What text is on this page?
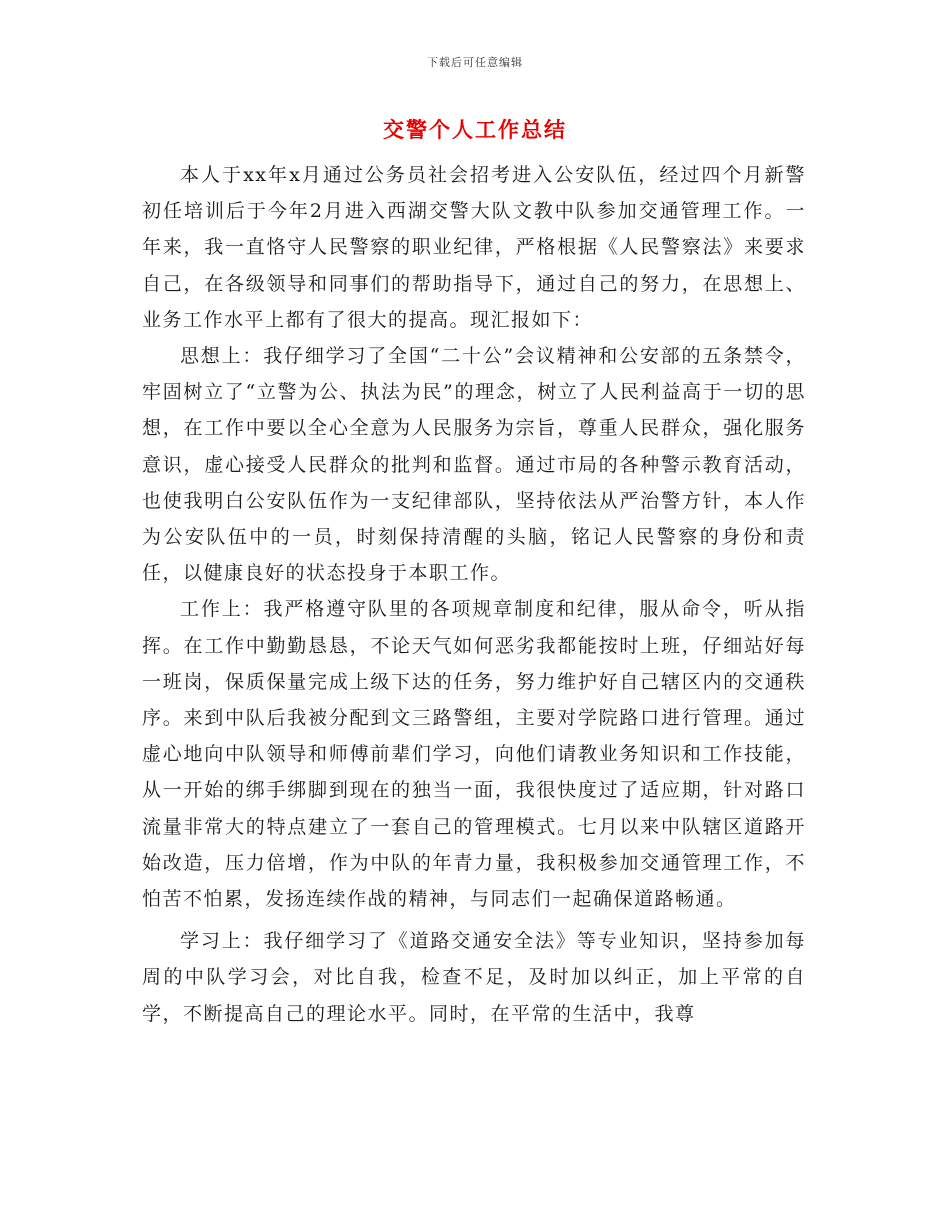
下载后可任意编辑
交警个人工作总结

本人于xx年x月通过公务员社会招考进入公安队伍，经过四个月新警初任培训后于今年2月进入西湖交警大队文教中队参加交通管理工作。一年来，我一直恪守人民警察的职业纪律，严格根据《人民警察法》来要求自己，在各级领导和同事们的帮助指导下，通过自己的努力，在思想上、业务工作水平上都有了很大的提高。现汇报如下：

思想上：我仔细学习了全国“二十公”会议精神和公安部的五条禁令，牢固树立了“立警为公、执法为民”的理念，树立了人民利益高于一切的思想，在工作中要以全心全意为人民服务为宗旨，尊重人民群众，强化服务意识，虚心接受人民群众的批判和监督。通过市局的各种警示教育活动，也使我明白公安队伍作为一支纪律部队，坚持依法从严治警方针，本人作为公安队伍中的一员，时刻保持清醒的头脑，铭记人民警察的身份和责任，以健康良好的状态投身于本职工作。

工作上：我严格遵守队里的各项规章制度和纪律，服从命令，听从指挥。在工作中勤勤恳恳，不论天气如何恶劣我都能按时上班，仔细站好每一班岗，保质保量完成上级下达的任务，努力维护好自己辖区内的交通秩序。来到中队后我被分配到文三路警组，主要对学院路口进行管理。通过虚心地向中队领导和师傅前辈们学习，向他们请教业务知识和工作技能，从一开始的绑手绑脚到现在的独当一面，我很快度过了适应期，针对路口流量非常大的特点建立了一套自己的管理模式。七月以来中队辖区道路开始改造，压力倍增，作为中队的年青力量，我积极参加交通管理工作，不怕苦不怕累，发扬连续作战的精神，与同志们一起确保道路畅通。

学习上：我仔细学习了《道路交通安全法》等专业知识，坚持参加每周的中队学习会，对比自我，检查不足，及时加以纠正，加上平常的自学，不断提高自己的理论水平。同时，在平常的生活中，我尊
